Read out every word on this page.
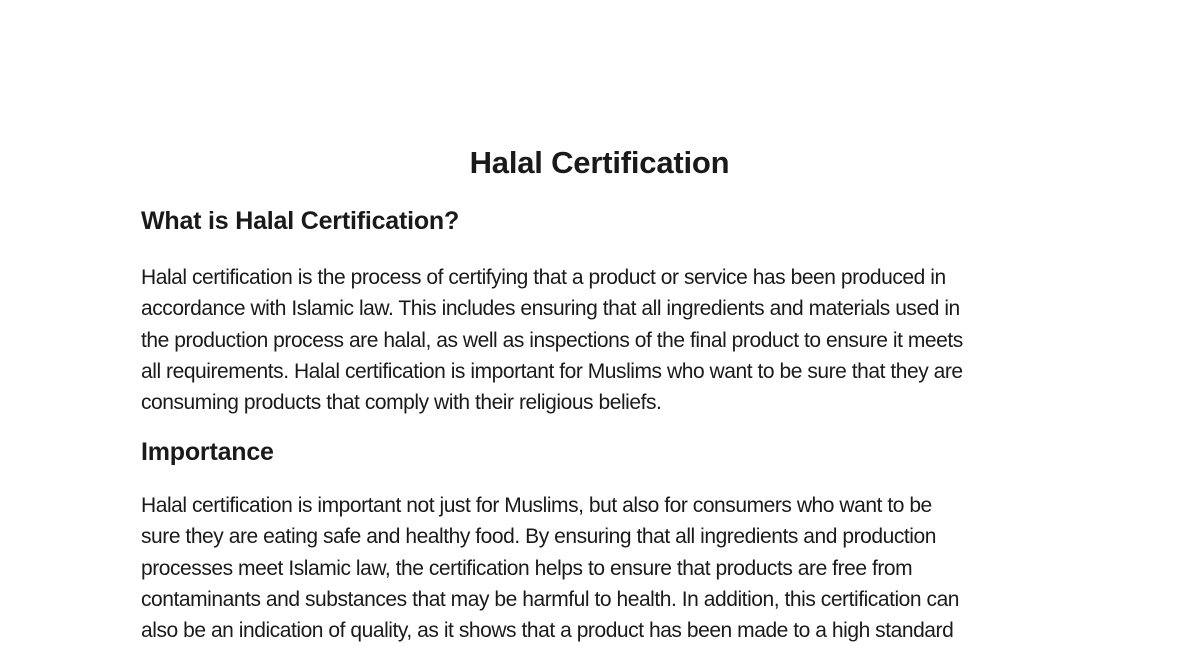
Halal Certification
What is Halal Certification?

Halal certification is the process of certifying that a product or service has been produced in
accordance with Islamic law. This includes ensuring that all ingredients and materials used in
the production process are halal, as well as inspections of the final product to ensure it meets
all requirements. Halal certification is important for Muslims who want to be sure that they are
consuming products that comply with their religious beliefs.

Importance

Halal certification is important not just for Muslims, but also for consumers who want to be
sure they are eating safe and healthy food. By ensuring that all ingredients and production
processes meet Islamic law, the certification helps to ensure that products are free from
contaminants and substances that may be harmful to health. In addition, this certification can
also be an indication of quality, as it shows that a product has been made to a high standard
